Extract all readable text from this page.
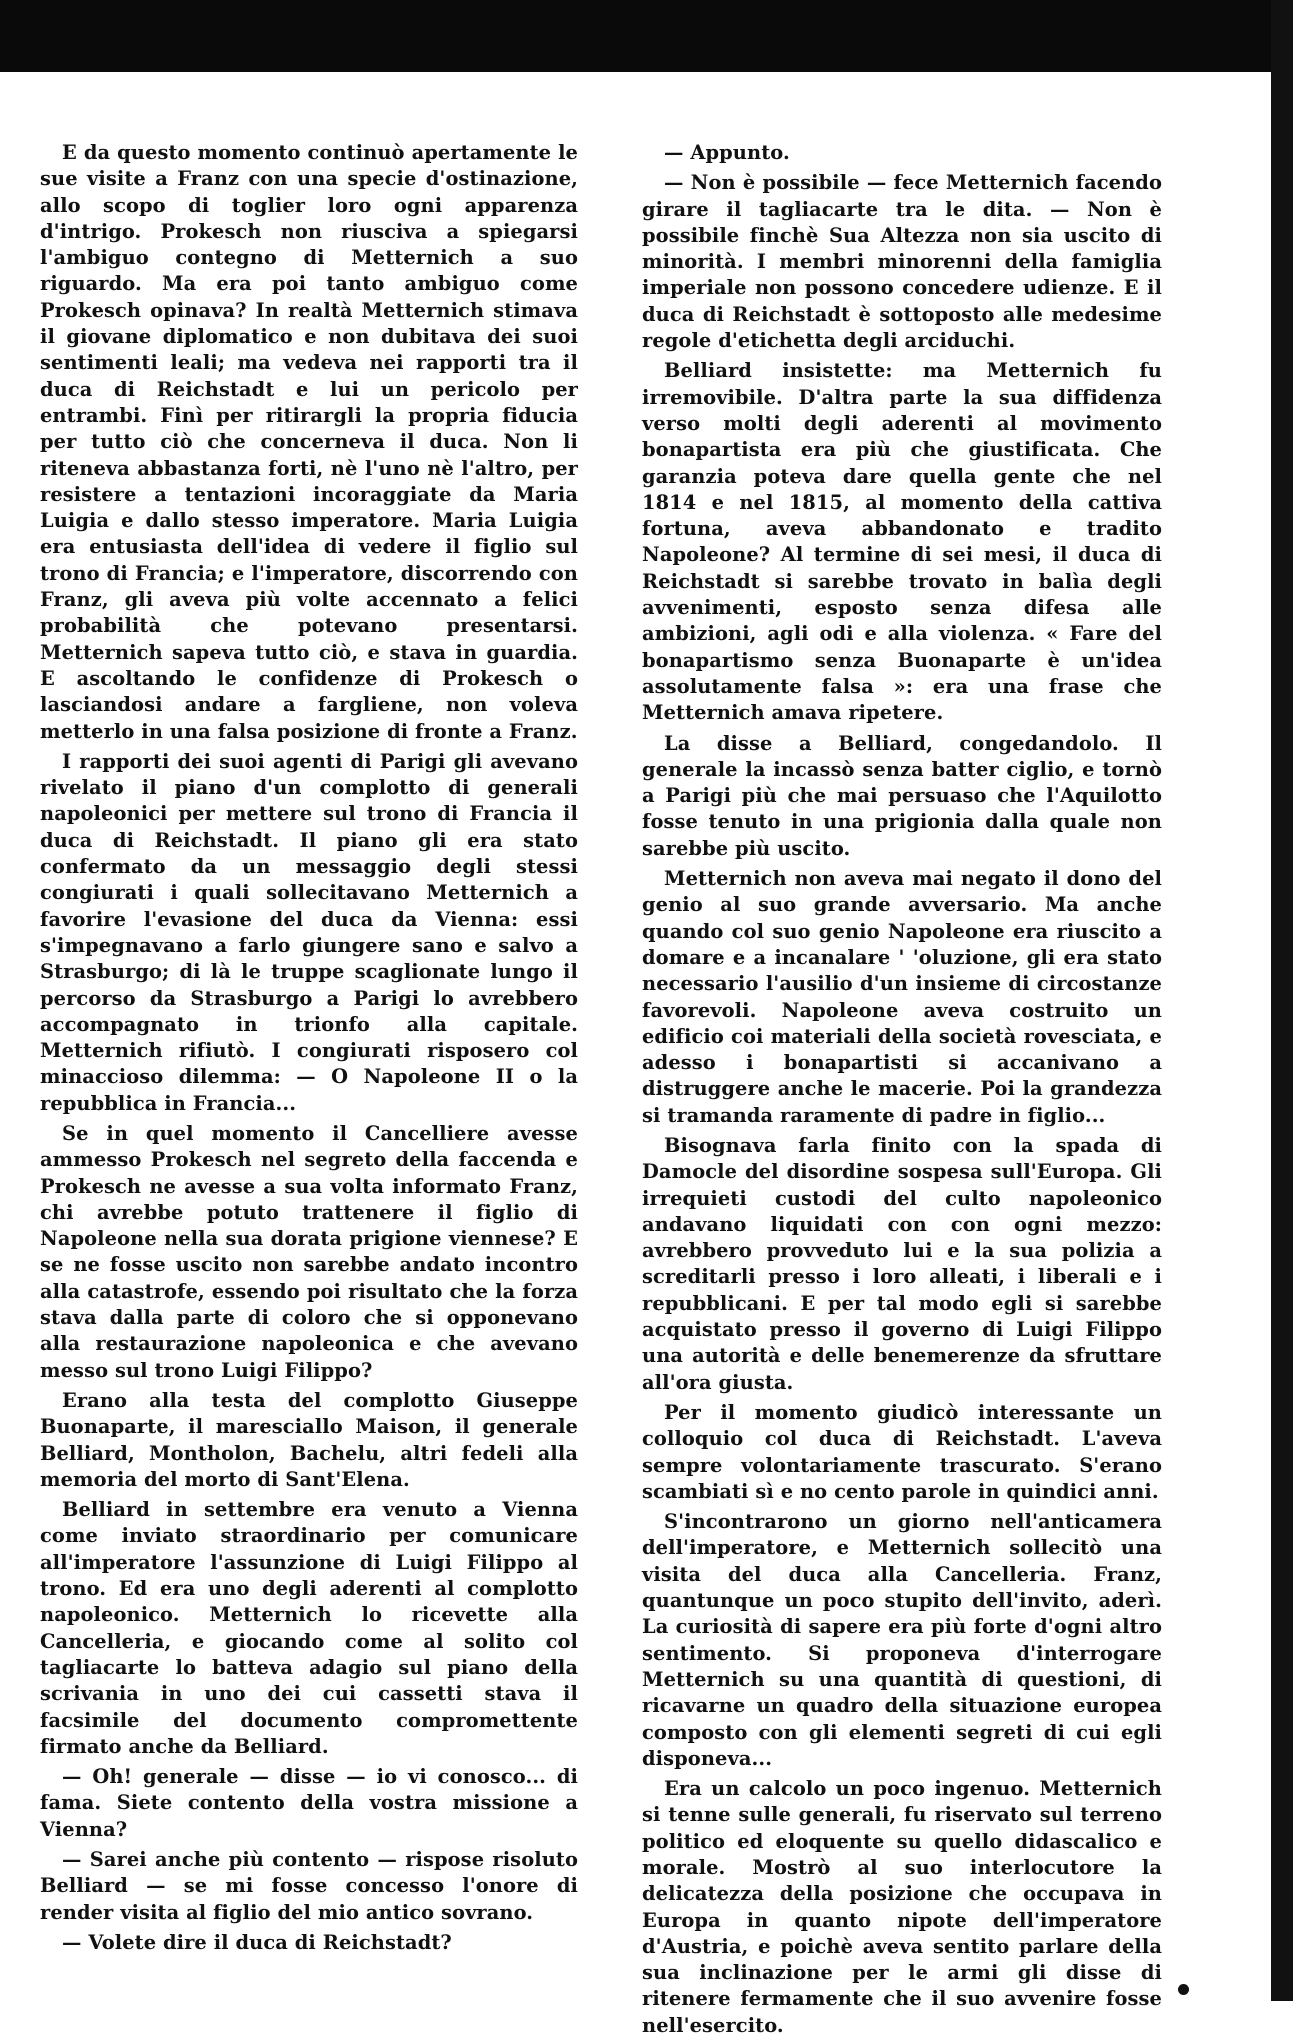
E da questo momento continuò apertamente le sue visite a Franz con una specie d'ostinazione, allo scopo di toglier loro ogni apparenza d'intrigo. Prokesch non riusciva a spiegarsi l'ambiguo contegno di Metternich a suo riguardo. Ma era poi tanto ambiguo come Prokesch opinava? In realtà Metternich stimava il giovane diplomatico e non dubitava dei suoi sentimenti leali; ma vedeva nei rapporti tra il duca di Reichstadt e lui un pericolo per entrambi. Finì per ritirargli la propria fiducia per tutto ciò che concerneva il duca. Non li riteneva abbastanza forti, nè l'uno nè l'altro, per resistere a tentazioni incoraggiate da Maria Luigia e dallo stesso imperatore. Maria Luigia era entusiasta dell'idea di vedere il figlio sul trono di Francia; e l'imperatore, discorrendo con Franz, gli aveva più volte accennato a felici probabilità che potevano presentarsi. Metternich sapeva tutto ciò, e stava in guardia. E ascoltando le confidenze di Prokesch o lasciandosi andare a fargliene, non voleva metterlo in una falsa posizione di fronte a Franz.

I rapporti dei suoi agenti di Parigi gli avevano rivelato il piano d'un complotto di generali napoleonici per mettere sul trono di Francia il duca di Reichstadt. Il piano gli era stato confermato da un messaggio degli stessi congiurati i quali sollecitavano Metternich a favorire l'evasione del duca da Vienna: essi s'impegnavano a farlo giungere sano e salvo a Strasburgo; di là le truppe scaglionate lungo il percorso da Strasburgo a Parigi lo avrebbero accompagnato in trionfo alla capitale. Metternich rifiutò. I congiurati risposero col minaccioso dilemma: — O Napoleone II o la repubblica in Francia...

Se in quel momento il Cancelliere avesse ammesso Prokesch nel segreto della faccenda e Prokesch ne avesse a sua volta informato Franz, chi avrebbe potuto trattenere il figlio di Napoleone nella sua dorata prigione viennese? E se ne fosse uscito non sarebbe andato incontro alla catastrofe, essendo poi risultato che la forza stava dalla parte di coloro che si opponevano alla restaurazione napoleonica e che avevano messo sul trono Luigi Filippo?

Erano alla testa del complotto Giuseppe Buonaparte, il maresciallo Maison, il generale Belliard, Montholon, Bachelu, altri fedeli alla memoria del morto di Sant'Elena.

Belliard in settembre era venuto a Vienna come inviato straordinario per comunicare all'imperatore l'assunzione di Luigi Filippo al trono. Ed era uno degli aderenti al complotto napoleonico. Metternich lo ricevette alla Cancelleria, e giocando come al solito col tagliacarte lo batteva adagio sul piano della scrivania in uno dei cui cassetti stava il facsimile del documento compromettente firmato anche da Belliard.

— Oh! generale — disse — io vi conosco... di fama. Siete contento della vostra missione a Vienna?

— Sarei anche più contento — rispose risoluto Belliard — se mi fosse concesso l'onore di render visita al figlio del mio antico sovrano.

— Volete dire il duca di Reichstadt?

— Appunto.

— Non è possibile — fece Metternich facendo girare il tagliacarte tra le dita. — Non è possibile finchè Sua Altezza non sia uscito di minorità. I membri minorenni della famiglia imperiale non possono concedere udienze. E il duca di Reichstadt è sottoposto alle medesime regole d'etichetta degli arciduchi.

Belliard insistette: ma Metternich fu irremovibile. D'altra parte la sua diffidenza verso molti degli aderenti al movimento bonapartista era più che giustificata. Che garanzia poteva dare quella gente che nel 1814 e nel 1815, al momento della cattiva fortuna, aveva abbandonato e tradito Napoleone? Al termine di sei mesi, il duca di Reichstadt si sarebbe trovato in balìa degli avvenimenti, esposto senza difesa alle ambizioni, agli odi e alla violenza. « Fare del bonapartismo senza Buonaparte è un'idea assolutamente falsa »: era una frase che Metternich amava ripetere.

La disse a Belliard, congedandolo. Il generale la incassò senza batter ciglio, e tornò a Parigi più che mai persuaso che l'Aquilotto fosse tenuto in una prigionia dalla quale non sarebbe più uscito.

Metternich non aveva mai negato il dono del genio al suo grande avversario. Ma anche quando col suo genio Napoleone era riuscito a domare e a incanalare ' 'oluzione, gli era stato necessario l'ausilio d'un insieme di circostanze favorevoli. Napoleone aveva costruito un edificio coi materiali della società rovesciata, e adesso i bonapartisti si accanivano a distruggere anche le macerie. Poi la grandezza si tramanda raramente di padre in figlio...

Bisognava farla finito con la spada di Damocle del disordine sospesa sull'Europa. Gli irrequieti custodi del culto napoleonico andavano liquidati con con ogni mezzo: avrebbero provveduto lui e la sua polizia a screditarli presso i loro alleati, i liberali e i repubblicani. E per tal modo egli si sarebbe acquistato presso il governo di Luigi Filippo una autorità e delle benemerenze da sfruttare all'ora giusta.

Per il momento giudicò interessante un colloquio col duca di Reichstadt. L'aveva sempre volontariamente trascurato. S'erano scambiati sì e no cento parole in quindici anni.

S'incontrarono un giorno nell'anticamera dell'imperatore, e Metternich sollecitò una visita del duca alla Cancelleria. Franz, quantunque un poco stupito dell'invito, aderì. La curiosità di sapere era più forte d'ogni altro sentimento. Si proponeva d'interrogare Metternich su una quantità di questioni, di ricavarne un quadro della situazione europea composto con gli elementi segreti di cui egli disponeva...

Era un calcolo un poco ingenuo. Metternich si tenne sulle generali, fu riservato sul terreno politico ed eloquente su quello didascalico e morale. Mostrò al suo interlocutore la delicatezza della posizione che occupava in Europa in quanto nipote dell'imperatore d'Austria, e poichè aveva sentito parlare della sua inclinazione per le armi gli disse di ritenere fermamente che il suo avvenire fosse nell'esercito.
